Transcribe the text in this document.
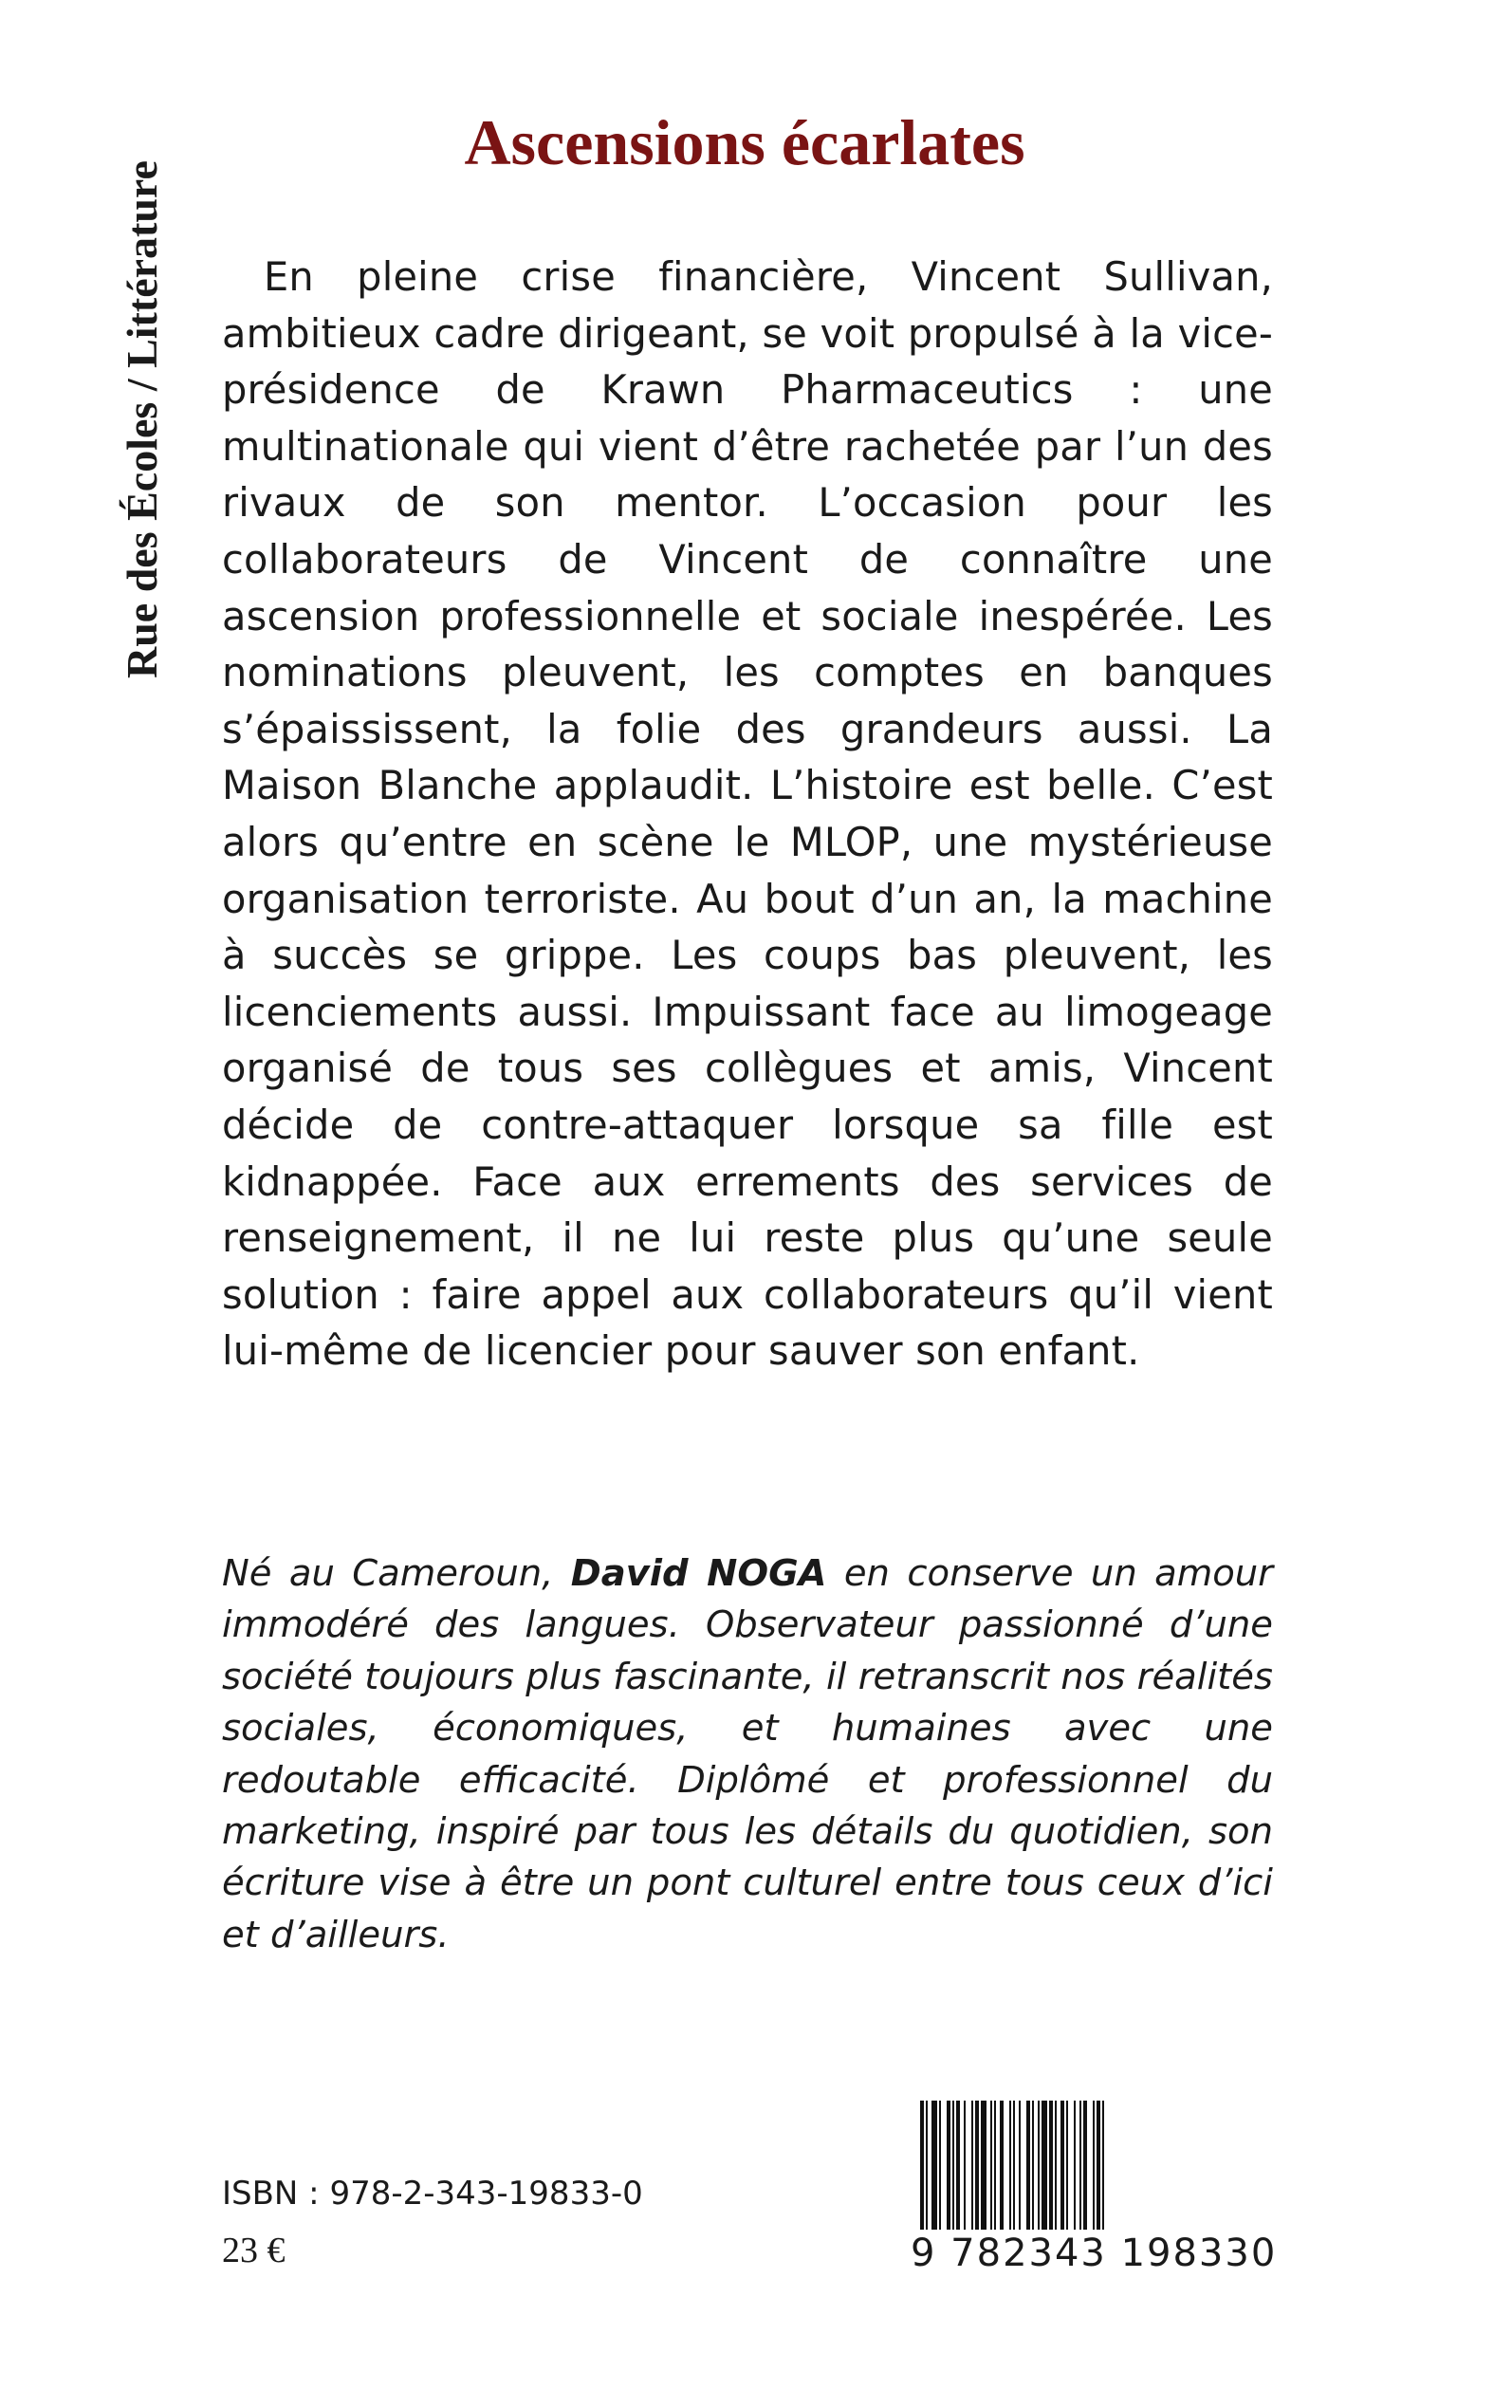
Rue des Écoles / Littérature
Ascensions écarlates

En pleine crise financière, Vincent Sullivan, ambitieux cadre dirigeant, se voit propulsé à la vice-présidence de Krawn Pharmaceutics : une multinationale qui vient d’être rachetée par l’un des rivaux de son mentor. L’occasion pour les collaborateurs de Vincent de connaître une ascension professionnelle et sociale inespérée. Les nominations pleuvent, les comptes en banques s’épaississent, la folie des grandeurs aussi. La Maison Blanche applaudit. L’histoire est belle. C’est alors qu’entre en scène le MLOP, une mystérieuse organisation terroriste. Au bout d’un an, la machine à succès se grippe. Les coups bas pleuvent, les licenciements aussi. Impuissant face au limogeage organisé de tous ses collègues et amis, Vincent décide de contre-attaquer lorsque sa fille est kidnappée. Face aux errements des services de renseignement, il ne lui reste plus qu’une seule solution : faire appel aux collaborateurs qu’il vient lui-même de licencier pour sauver son enfant.

Né au Cameroun, David NOGA en conserve un amour immodéré des langues. Observateur passionné d’une société toujours plus fascinante, il retranscrit nos réalités sociales, économiques, et humaines avec une redoutable efficacité. Diplômé et professionnel du marketing, inspiré par tous les détails du quotidien, son écriture vise à être un pont culturel entre tous ceux d’ici et d’ailleurs.

ISBN : 978-2-343-19833-0
23 €	9 782343 198330
